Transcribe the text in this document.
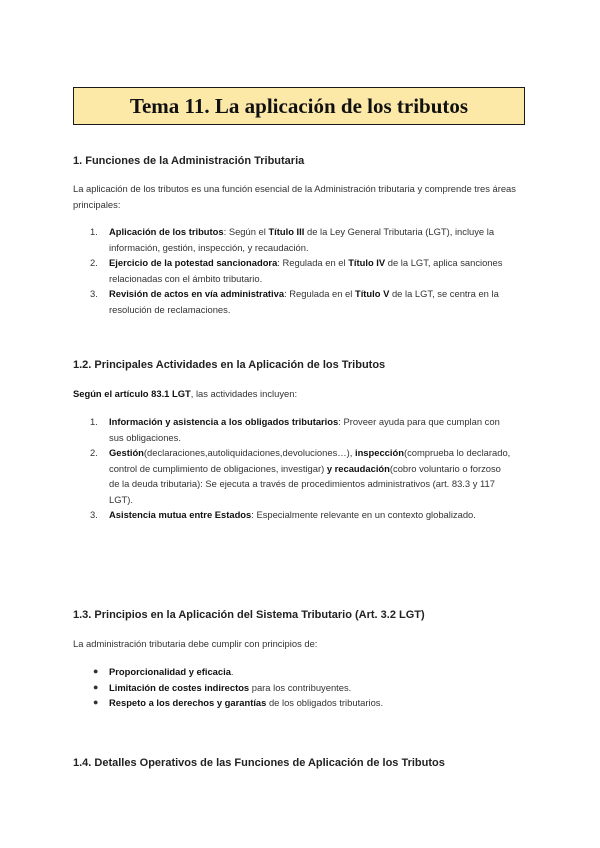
Tema 11. La aplicación de los tributos
1. Funciones de la Administración Tributaria

La aplicación de los tributos es una función esencial de la Administración tributaria y comprende tres áreas principales:

1.	Aplicación de los tributos: Según el Título III de la Ley General Tributaria (LGT), incluye la información, gestión, inspección, y recaudación.
2.	Ejercicio de la potestad sancionadora: Regulada en el Título IV de la LGT, aplica sanciones relacionadas con el ámbito tributario.
3.	Revisión de actos en vía administrativa: Regulada en el Título V de la LGT, se centra en la resolución de reclamaciones.
1.2. Principales Actividades en la Aplicación de los Tributos

Según el artículo 83.1 LGT, las actividades incluyen:

1.	Información y asistencia a los obligados tributarios: Proveer ayuda para que cumplan con sus obligaciones.
2.	Gestión(declaraciones,autoliquidaciones,devoluciones…), inspección(comprueba lo declarado, control de cumplimiento de obligaciones, investigar) y recaudación(cobro voluntario o forzoso de la deuda tributaria): Se ejecuta a través de procedimientos administrativos (art. 83.3 y 117 LGT).
3.	Asistencia mutua entre Estados: Especialmente relevante en un contexto globalizado.
1.3. Principios en la Aplicación del Sistema Tributario (Art. 3.2 LGT)

La administración tributaria debe cumplir con principios de:

● Proporcionalidad y eficacia.
● Limitación de costes indirectos para los contribuyentes.
● Respeto a los derechos y garantías de los obligados tributarios.
1.4. Detalles Operativos de las Funciones de Aplicación de los Tributos
